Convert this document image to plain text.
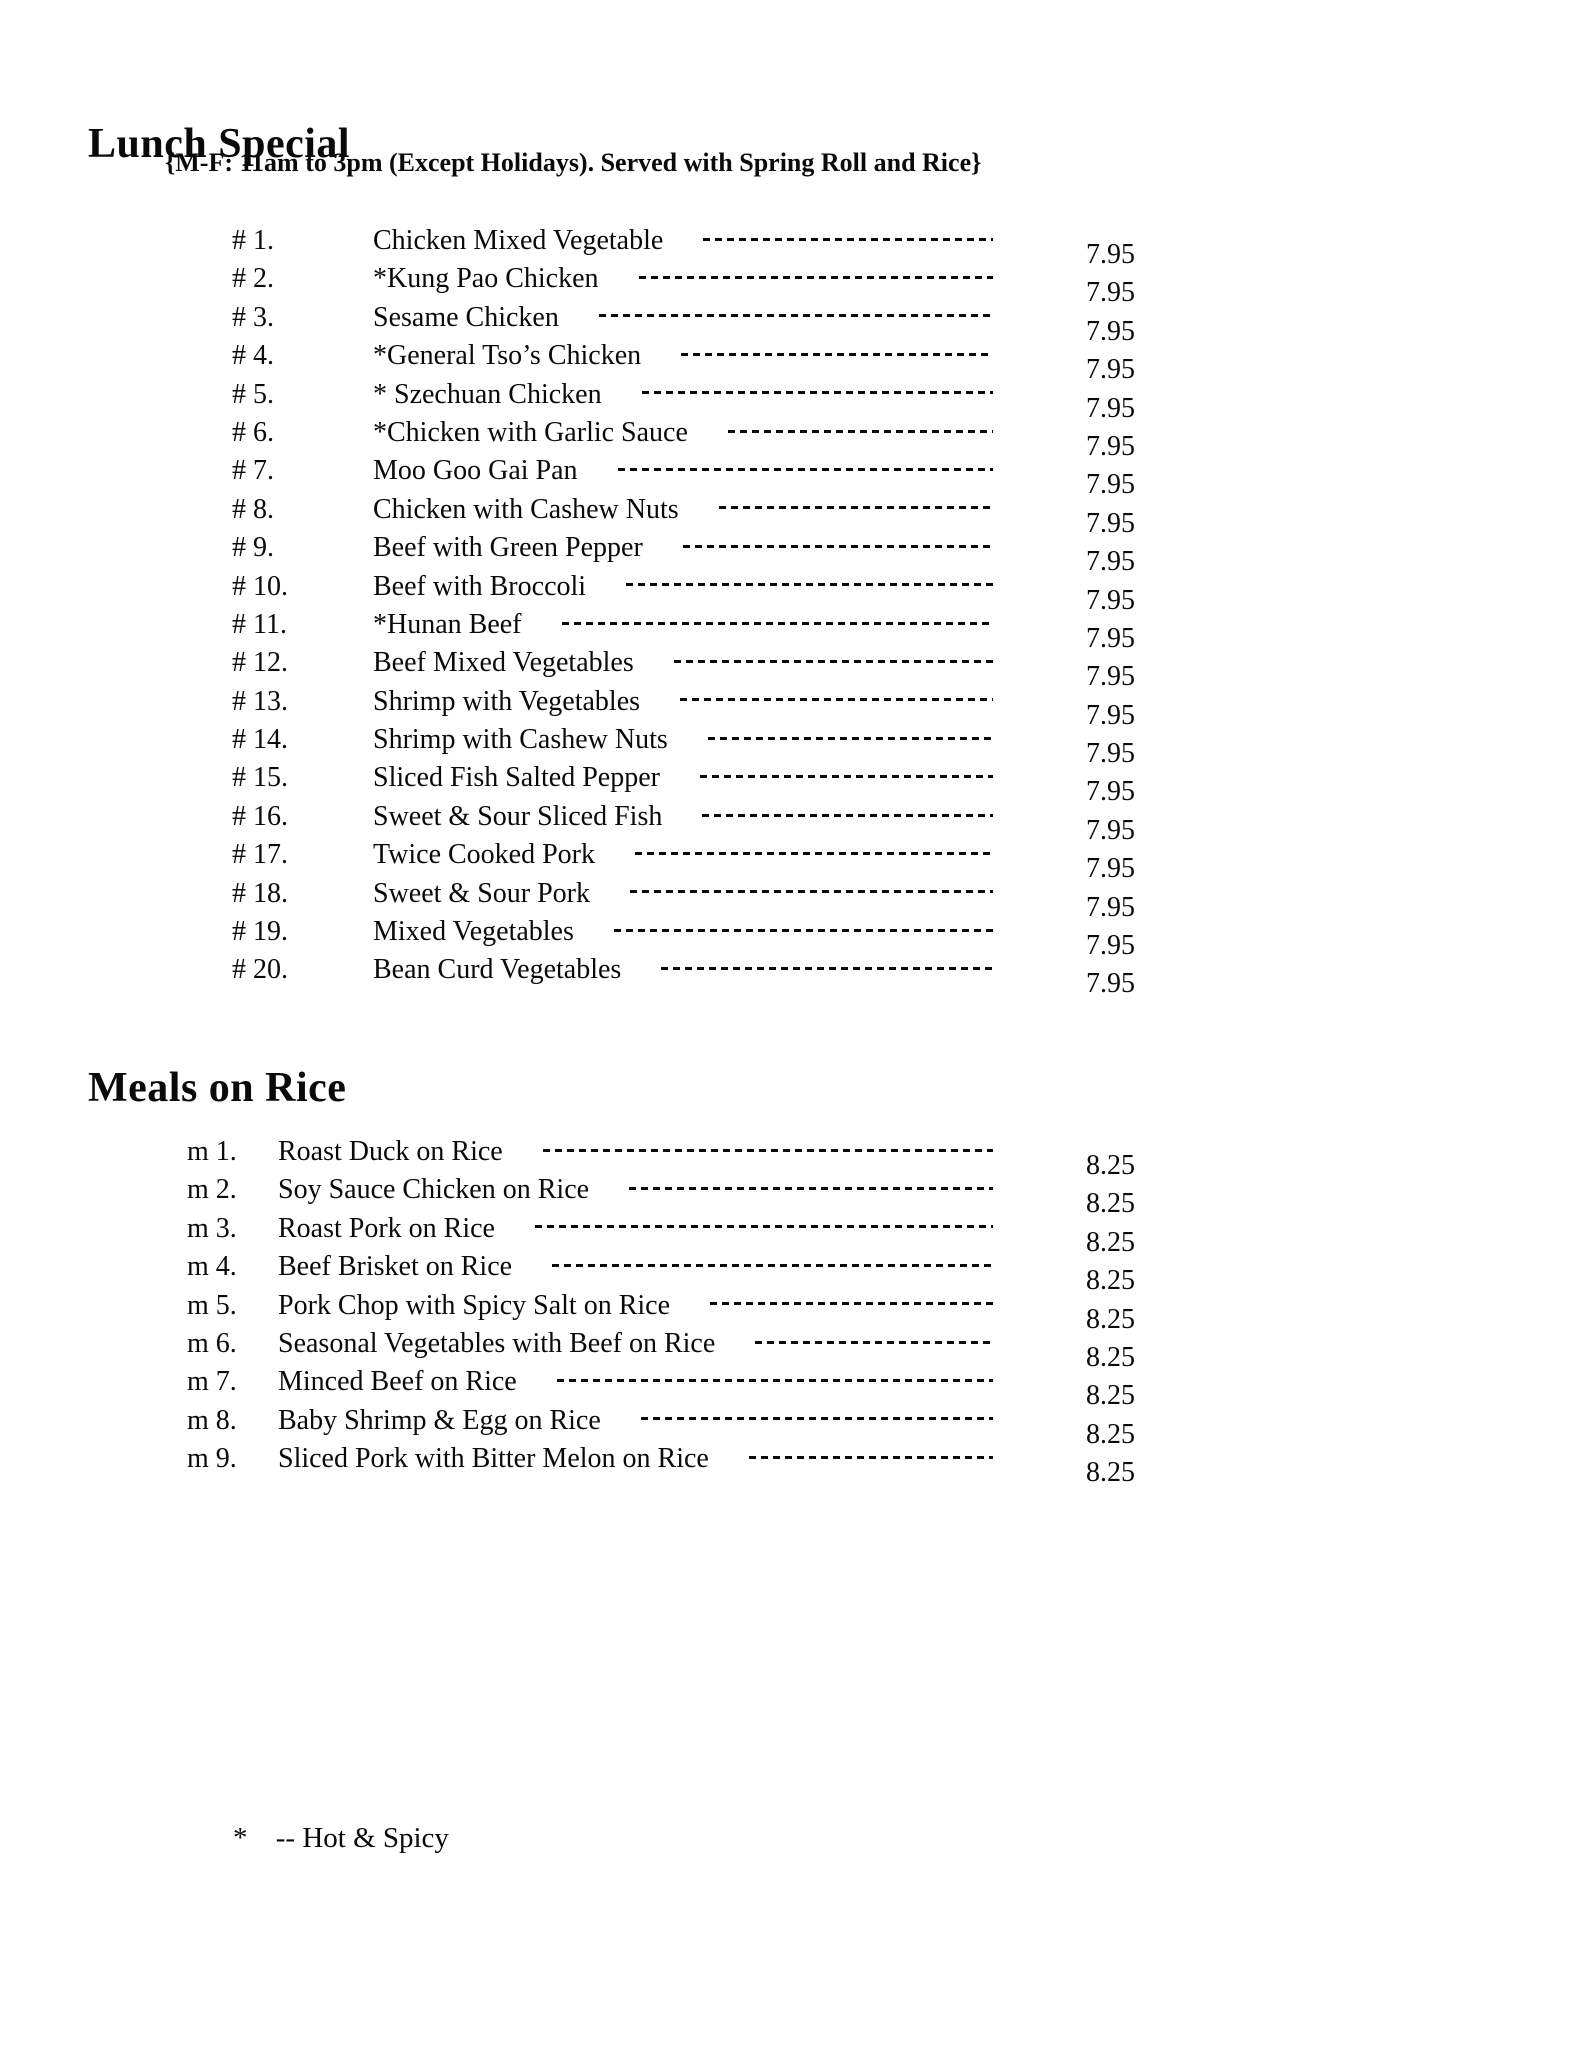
Lunch Special
{M-F: 11am to 3pm (Except Holidays). Served with Spring Roll and Rice}
# 1.	Chicken Mixed Vegetable	7.95
# 2.	*Kung Pao Chicken	7.95
# 3.	Sesame Chicken	7.95
# 4.	*General Tso’s Chicken	7.95
# 5.	* Szechuan Chicken	7.95
# 6.	*Chicken with Garlic Sauce	7.95
# 7.	Moo Goo Gai Pan	7.95
# 8.	Chicken with Cashew Nuts	7.95
# 9.	Beef with Green Pepper	7.95
# 10.	Beef with Broccoli	7.95
# 11.	*Hunan Beef	7.95
# 12.	Beef Mixed Vegetables	7.95
# 13.	Shrimp with Vegetables	7.95
# 14.	Shrimp with Cashew Nuts	7.95
# 15.	Sliced Fish Salted Pepper	7.95
# 16.	Sweet & Sour Sliced Fish	7.95
# 17.	Twice Cooked Pork	7.95
# 18.	Sweet & Sour Pork	7.95
# 19.	Mixed Vegetables	7.95
# 20.	Bean Curd Vegetables	7.95
Meals on Rice
m 1.	Roast Duck on Rice	8.25
m 2.	Soy Sauce Chicken on Rice	8.25
m 3.	Roast Pork on Rice	8.25
m 4.	Beef Brisket on Rice	8.25
m 5.	Pork Chop with Spicy Salt on Rice	8.25
m 6.	Seasonal Vegetables with Beef on Rice	8.25
m 7.	Minced Beef on Rice	8.25
m 8.	Baby Shrimp & Egg on Rice	8.25
m 9.	Sliced Pork with Bitter Melon on Rice	8.25
* -- Hot & Spicy
